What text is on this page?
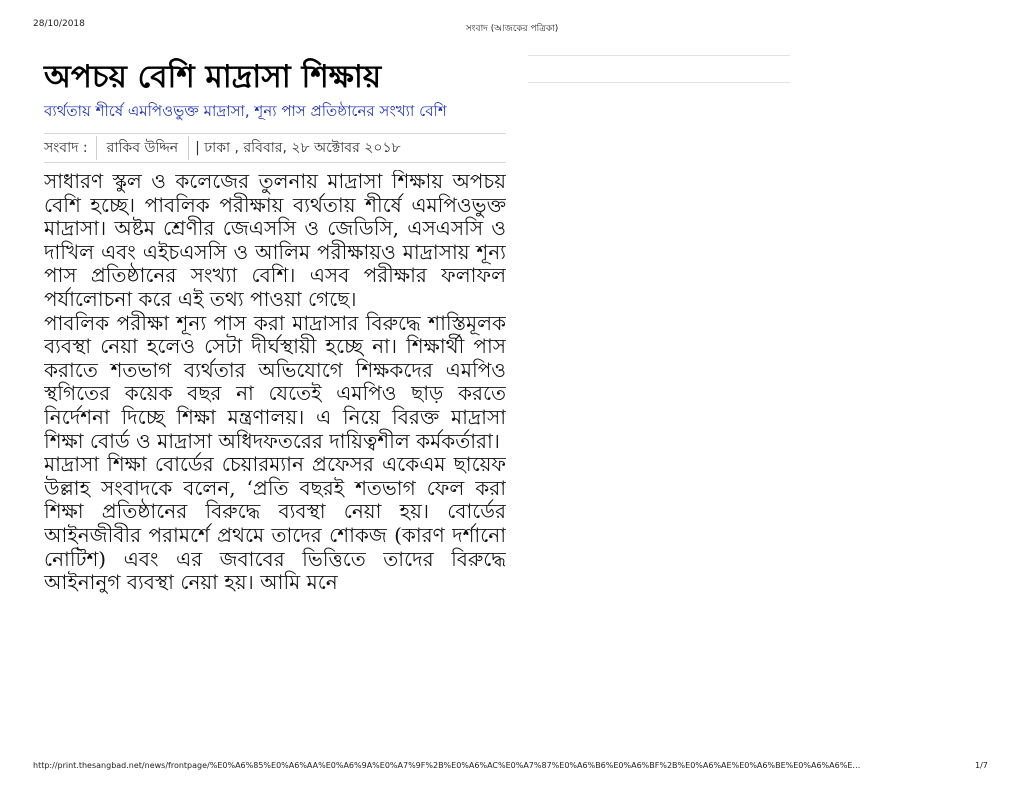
28/10/2018	সংবাদ (আজকের পত্রিকা)
অপচয় বেশি মাদ্রাসা শিক্ষায়
ব্যর্থতায় শীর্ষে এমপিওভুক্ত মাদ্রাসা, শূন্য পাস প্রতিষ্ঠানের সংখ্যা বেশি
সংবাদ :	রাকিব উদ্দিন	| ঢাকা , রবিবার, ২৮ অক্টোবর ২০১৮

সাধারণ স্কুল ও কলেজের তুলনায় মাদ্রাসা শিক্ষায় অপচয় বেশি হচ্ছে। পাবলিক পরীক্ষায় ব্যর্থতায় শীর্ষে এমপিওভুক্ত মাদ্রাসা। অষ্টম শ্রেণীর জেএসসি ও জেডিসি, এসএসসি ও দাখিল এবং এইচএসসি ও আলিম পরীক্ষায়ও মাদ্রাসায় শূন্য পাস প্রতিষ্ঠানের সংখ্যা বেশি। এসব পরীক্ষার ফলাফল পর্যালোচনা করে এই তথ্য পাওয়া গেছে।

পাবলিক পরীক্ষা শূন্য পাস করা মাদ্রাসার বিরুদ্ধে শাস্তিমূলক ব্যবস্থা নেয়া হলেও সেটা দীর্ঘস্থায়ী হচ্ছে না। শিক্ষার্থী পাস করাতে শতভাগ ব্যর্থতার অভিযোগে শিক্ষকদের এমপিও স্থগিতের কয়েক বছর না যেতেই এমপিও ছাড় করতে নির্দেশনা দিচ্ছে শিক্ষা মন্ত্রণালয়। এ নিয়ে বিরক্ত মাদ্রাসা শিক্ষা বোর্ড ও মাদ্রাসা অধিদফতরের দায়িত্বশীল কর্মকর্তারা।

মাদ্রাসা শিক্ষা বোর্ডের চেয়ারম্যান প্রফেসর একেএম ছায়েফ উল্লাহ সংবাদকে বলেন, ‘প্রতি বছরই শতভাগ ফেল করা শিক্ষা প্রতিষ্ঠানের বিরুদ্ধে ব্যবস্থা নেয়া হয়। বোর্ডের আইনজীবীর পরামর্শে প্রথমে তাদের শোকজ (কারণ দর্শানো নোটিশ) এবং এর জবাবের ভিত্তিতে তাদের বিরুদ্ধে আইনানুগ ব্যবস্থা নেয়া হয়। আমি মনে

http://print.thesangbad.net/news/frontpage/%E0%A6%85%E0%A6%AA%E0%A6%9A%E0%A7%9F%2B%E0%A6%AC%E0%A7%87%E0%A6%B6%E0%A6%BF%2B%E0%A6%AE%E0%A6%BE%E0%A6%A6%E…	1/7
